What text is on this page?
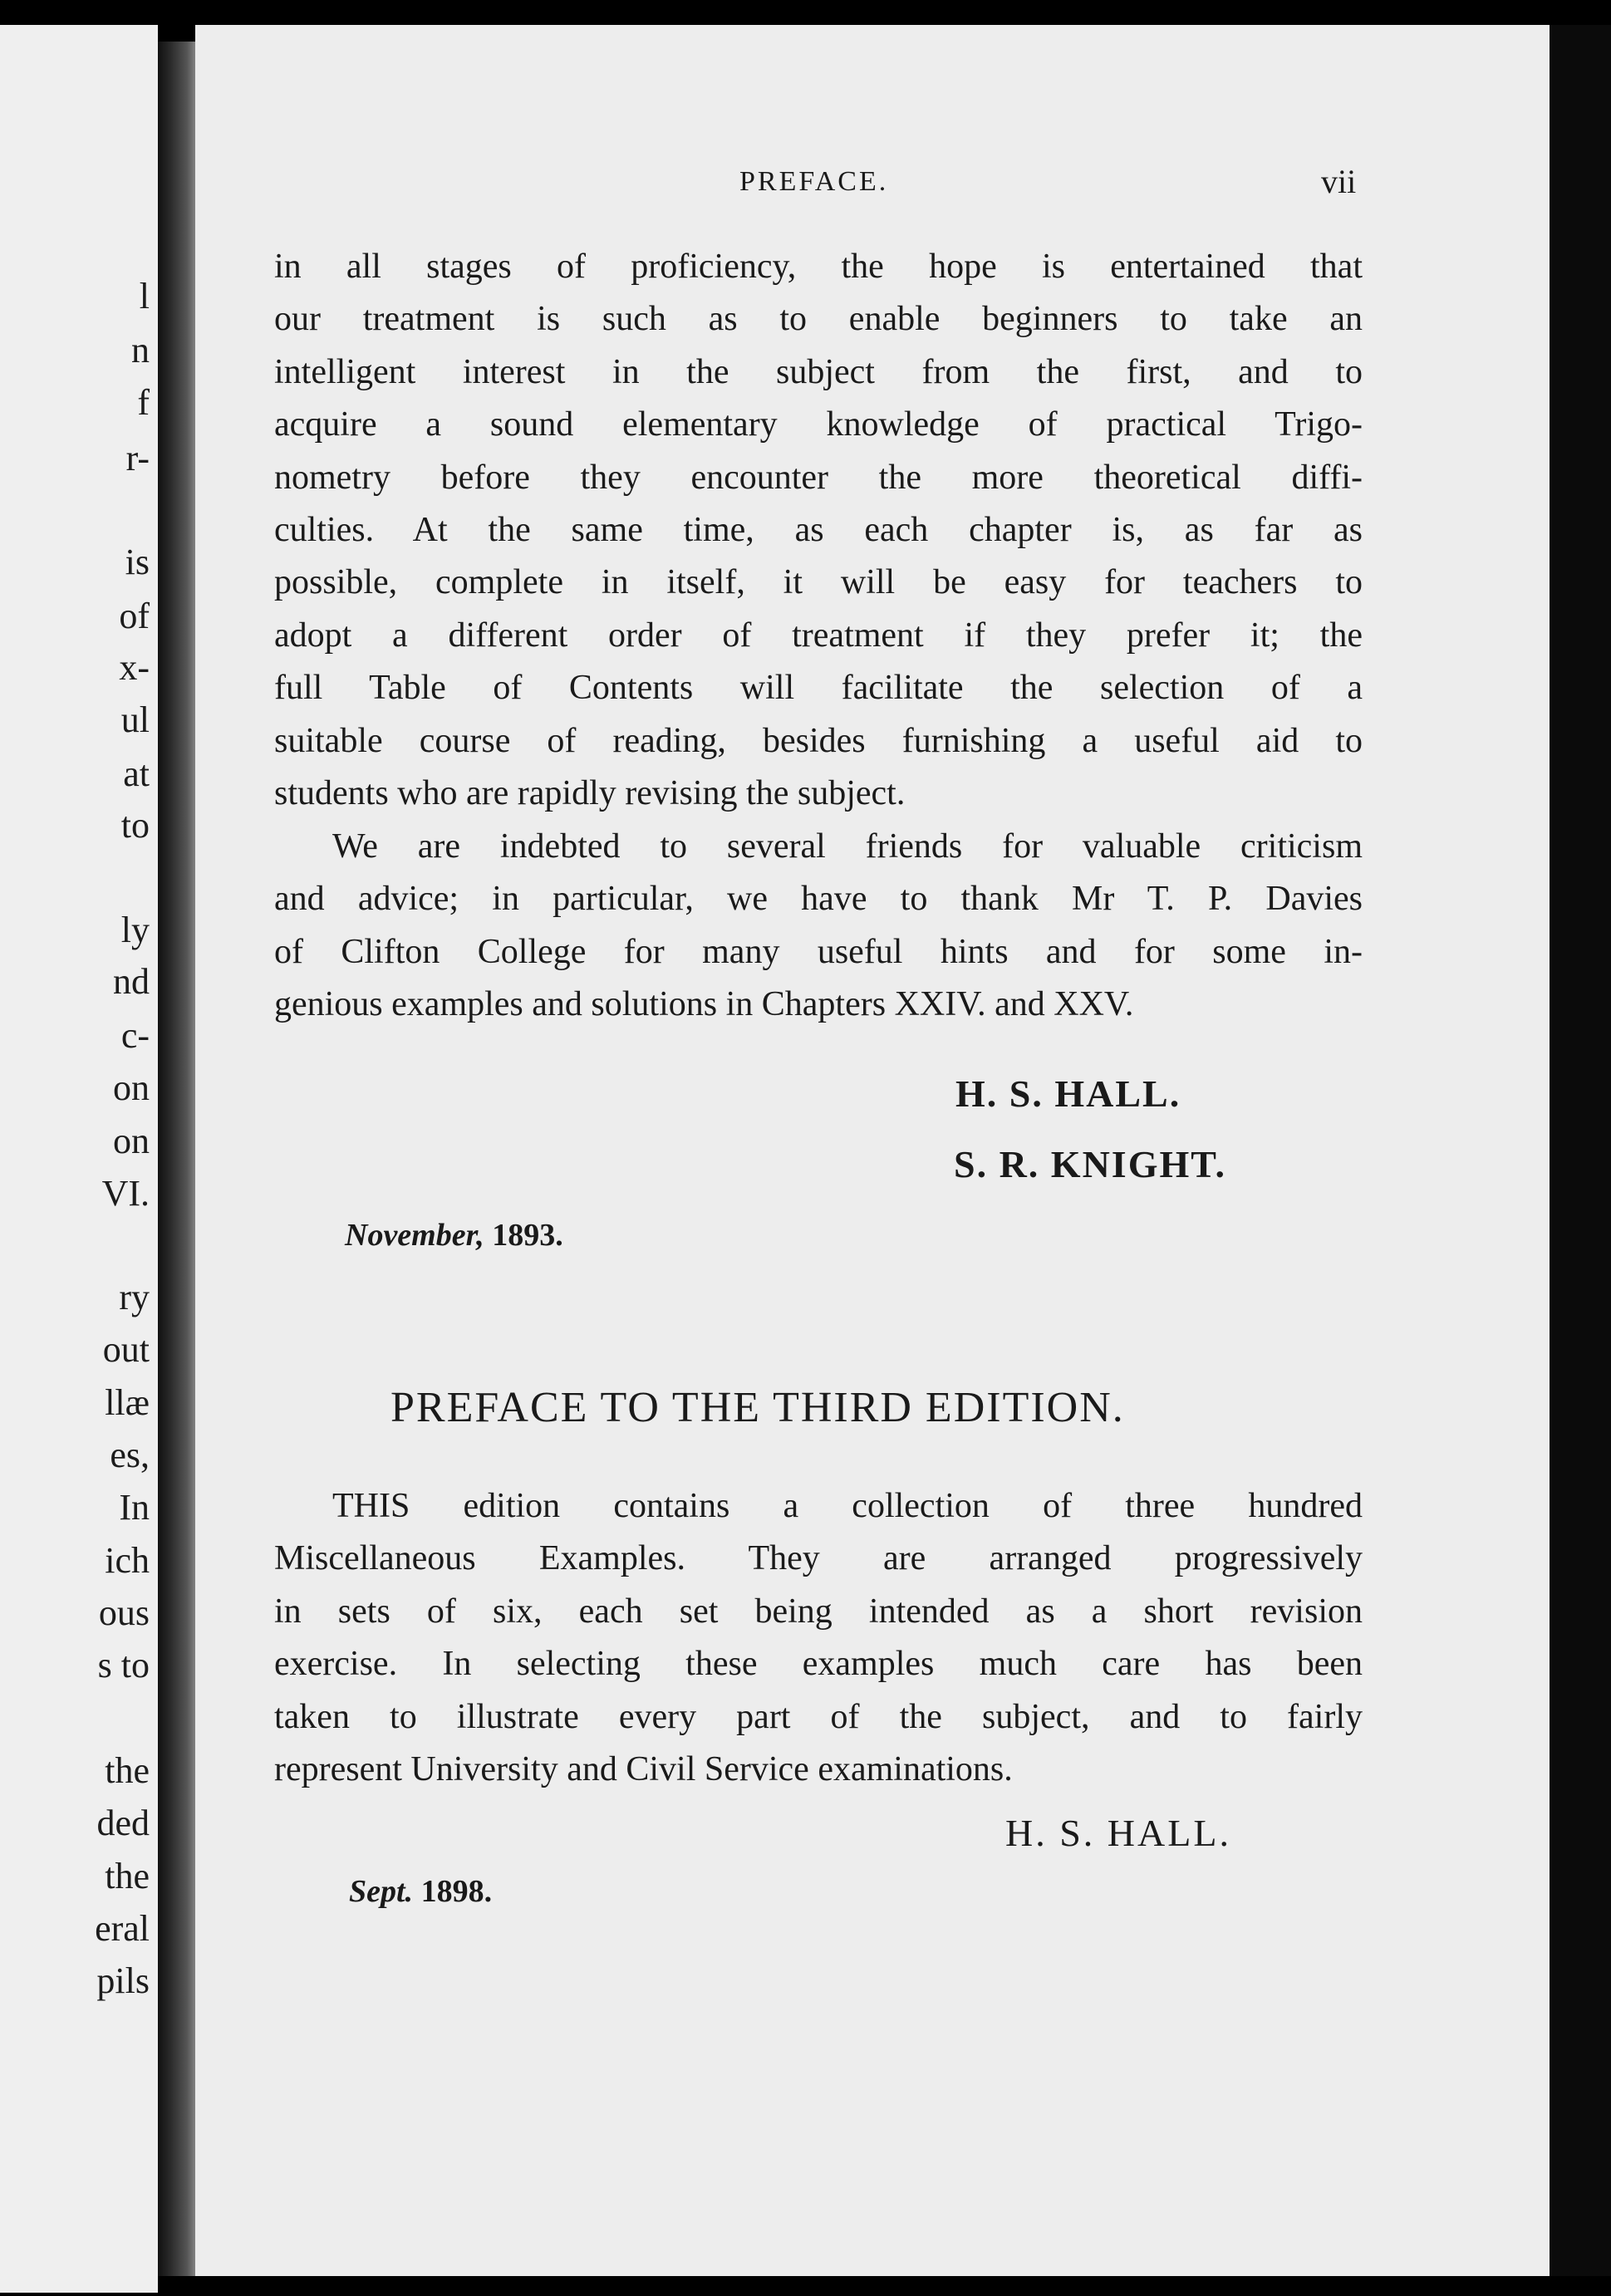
l
n
f
r-
is
of
x-
ul
at
to
ly
nd
c-
on
on
VI.
ry
out
llæ
es,
In
ich
ous
s to
the
ded
the
eral
pils
PREFACE.	vii
in all stages of proficiency, the hope is entertained that
our treatment is such as to enable beginners to take an
intelligent interest in the subject from the first, and to
acquire a sound elementary knowledge of practical Trigo-
nometry before they encounter the more theoretical diffi-
culties. At the same time, as each chapter is, as far as
possible, complete in itself, it will be easy for teachers to
adopt a different order of treatment if they prefer it; the
full Table of Contents will facilitate the selection of a
suitable course of reading, besides furnishing a useful aid to
students who are rapidly revising the subject.
We are indebted to several friends for valuable criticism
and advice; in particular, we have to thank Mr T. P. Davies
of Clifton College for many useful hints and for some in-
genious examples and solutions in Chapters XXIV. and XXV.
H. S. HALL.
S. R. KNIGHT.
November, 1893.
PREFACE TO THE THIRD EDITION.
THIS edition contains a collection of three hundred
Miscellaneous Examples. They are arranged progressively
in sets of six, each set being intended as a short revision
exercise. In selecting these examples much care has been
taken to illustrate every part of the subject, and to fairly
represent University and Civil Service examinations.
H. S. HALL.
Sept. 1898.
